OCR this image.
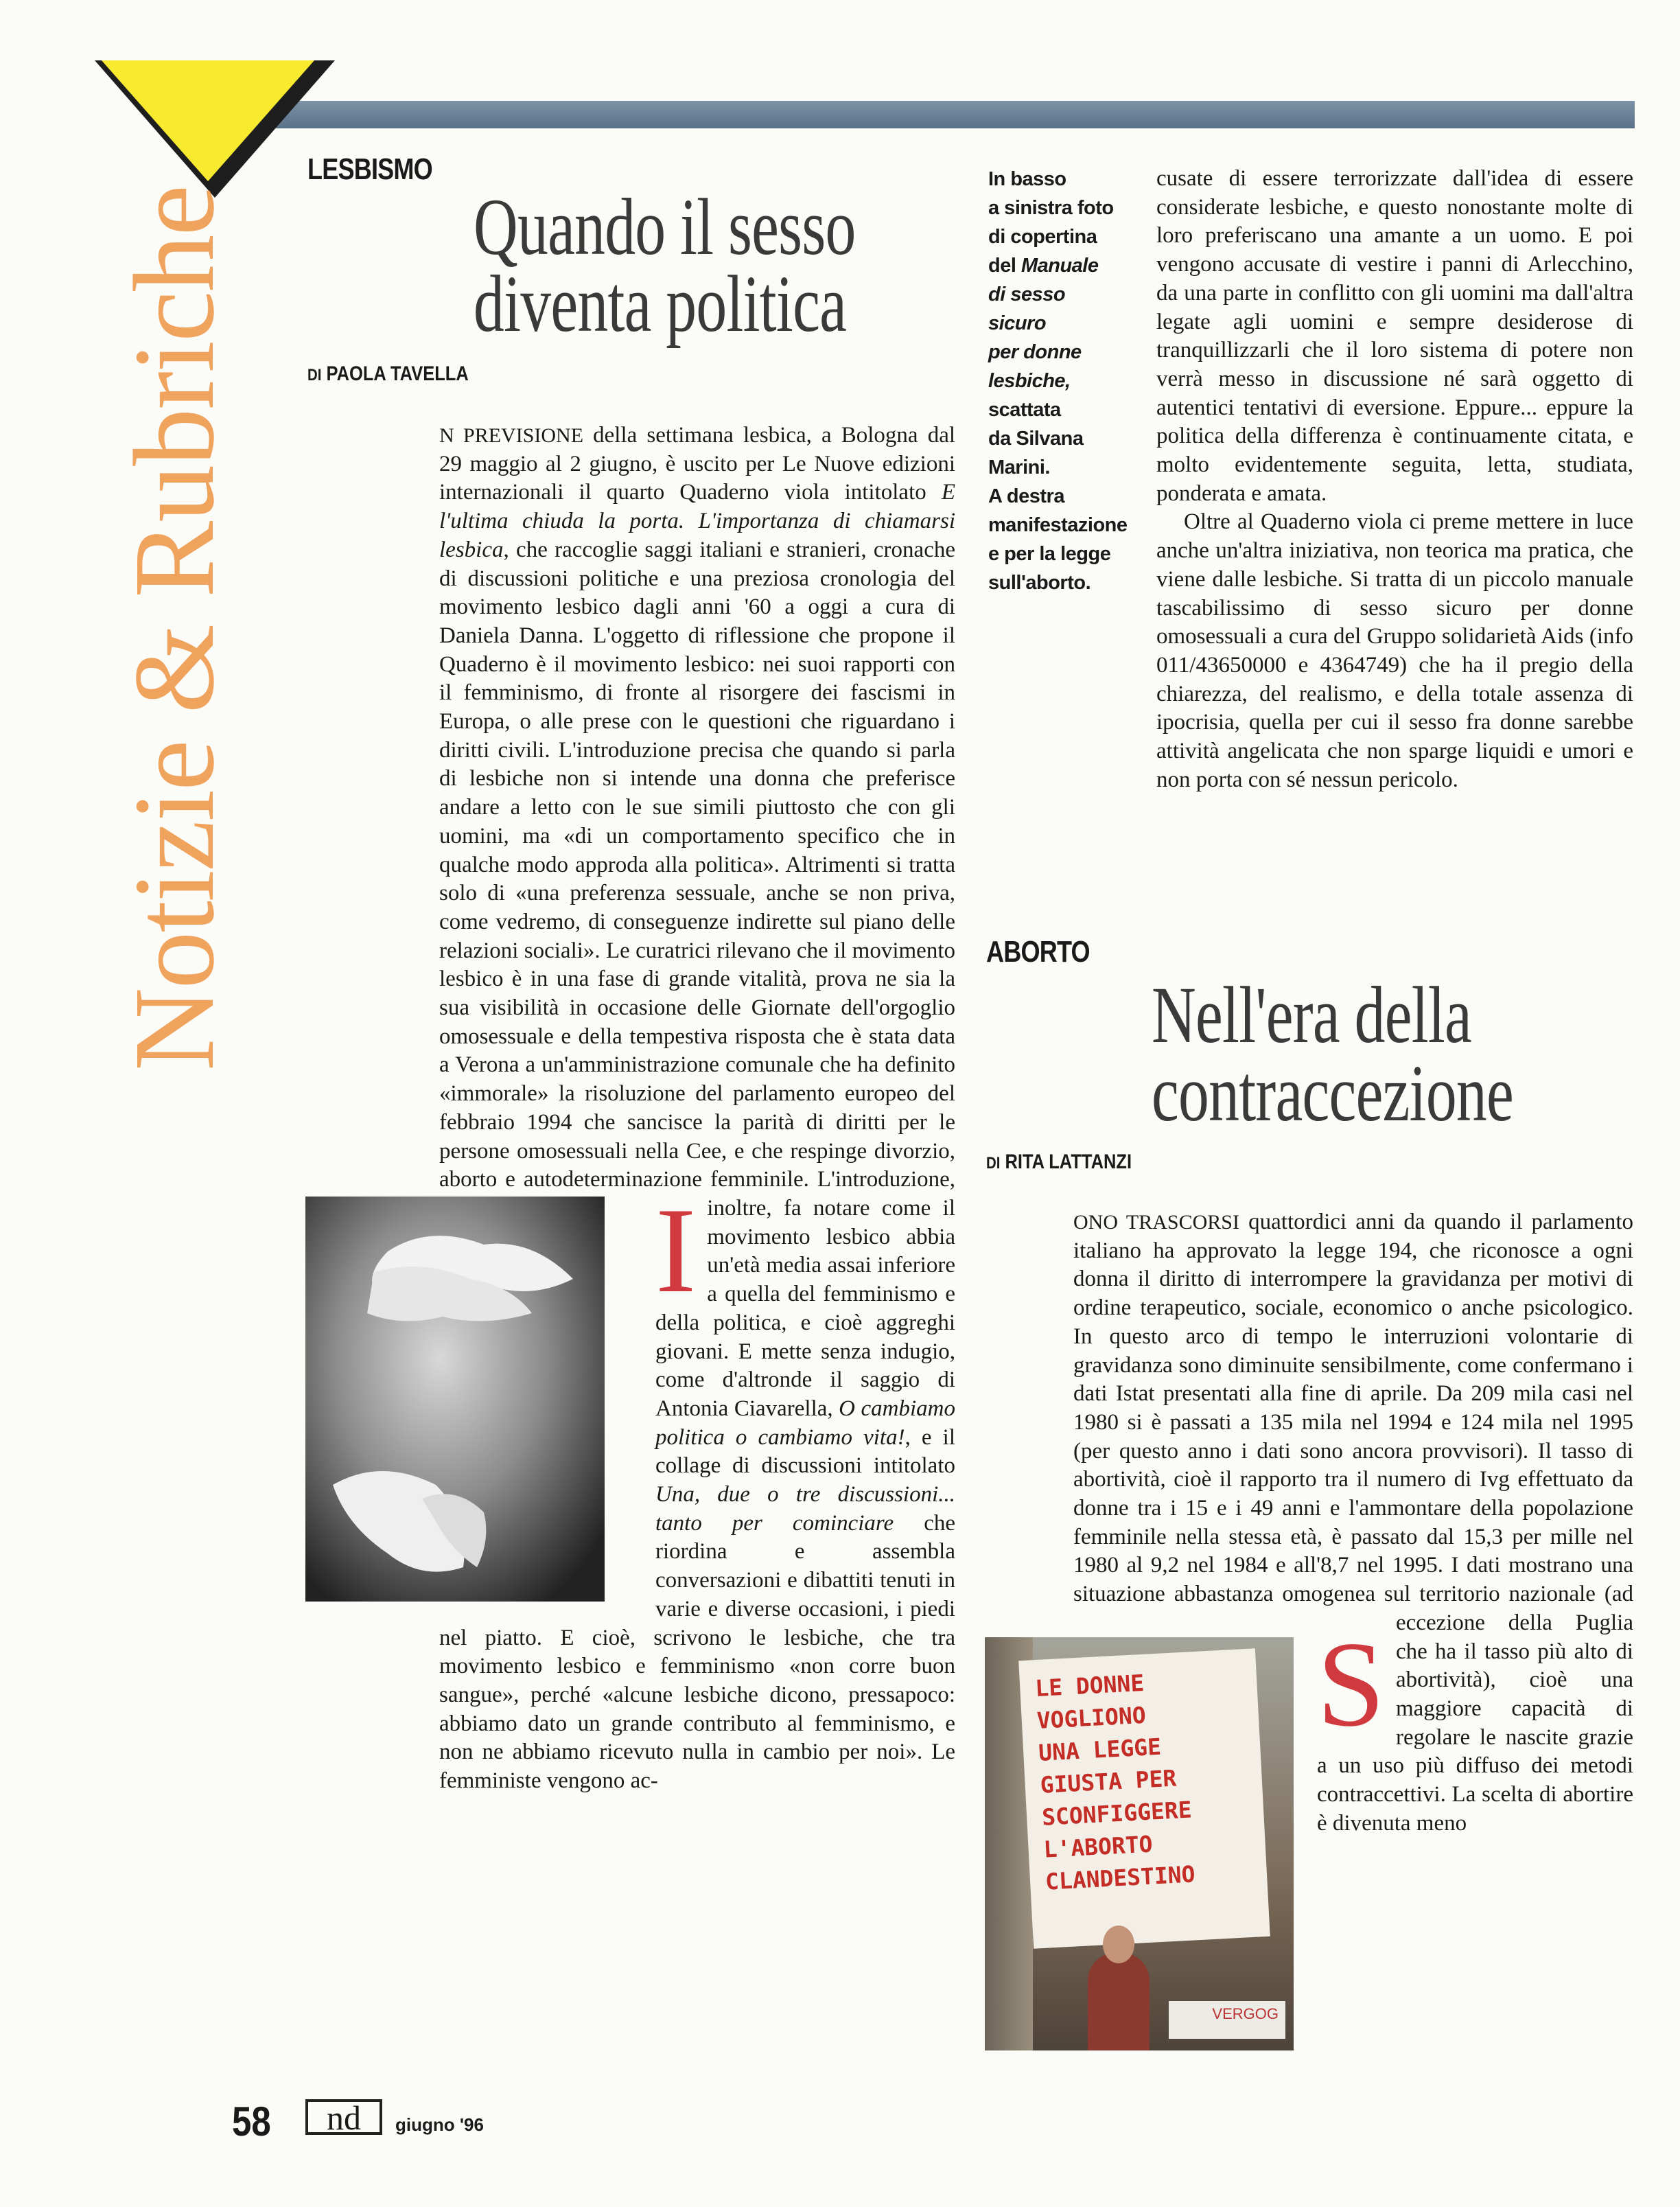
Notizie & Rubriche
LESBISMO
Quando il sesso
diventa politica
DI PAOLA TAVELLA
In basso
a sinistra foto
di copertina
del Manuale
di sesso
sicuro
per donne
lesbiche,
scattata
da Silvana
Marini.
A destra
manifestazione
e per la legge
sull'aborto.
I
N PREVISIONE della settimana lesbica, a Bologna dal 29 maggio al 2 giugno, è uscito per Le Nuove edizioni internazionali il quarto Quaderno viola intitolato E l'ultima chiuda la porta. L'importanza di chiamarsi lesbica, che raccoglie saggi italiani e stranieri, cronache di discussioni politiche e una preziosa cronologia del movimento lesbico dagli anni '60 a oggi a cura di Daniela Danna. L'oggetto di riflessione che propone il Quaderno è il movimento lesbico: nei suoi rapporti con il femminismo, di fronte al risorgere dei fascismi in Europa, o alle prese con le questioni che riguardano i diritti civili. L'introduzione precisa che quando si parla di lesbiche non si intende una donna che preferisce andare a letto con le sue simili piuttosto che con gli uomini, ma «di un comportamento specifico che in qualche modo approda alla politica». Altrimenti si tratta solo di «una preferenza sessuale, anche se non priva, come vedremo, di conseguenze indirette sul piano delle relazioni sociali». Le curatrici rilevano che il movimento lesbico è in una fase di grande vitalità, prova ne sia la sua visibilità in occasione delle Giornate dell'orgoglio omosessuale e della tempestiva risposta che è stata data a Verona a un'amministrazione comunale che ha definito «immorale» la risoluzione del parlamento europeo del febbraio 1994 che sancisce la parità di diritti per le persone omosessuali nella Cee, e che respinge divorzio, aborto e autodeterminazione femminile. L'introduzione, inoltre, fa notare come il movimento lesbico abbia un'età media assai inferiore a quella del femminismo e della politica, e cioè aggreghi giovani. E mette senza indugio, come d'altronde il saggio di Antonia Ciavarella, O cambiamo politica o cambiamo vita!, e il collage di discussioni intitolato Una, due o tre discussioni... tanto per cominciare che riordina e assembla conversazioni e dibattiti tenuti in varie e diverse occasioni, i piedi nel piatto. E cioè, scrivono le lesbiche, che tra movimento lesbico e femminismo «non corre buon sangue», perché «alcune lesbiche dicono, pressapoco: abbiamo dato un grande contributo al femminismo, e non ne abbiamo ricevuto nulla in cambio per noi». Le femministe vengono ac-

cusate di essere terrorizzate dall'idea di essere considerate lesbiche, e questo nonostante molte di loro preferiscano una amante a un uomo. E poi vengono accusate di vestire i panni di Arlecchino, da una parte in conflitto con gli uomini ma dall'altra legate agli uomini e sempre desiderose di tranquillizzarli che il loro sistema di potere non verrà messo in discussione né sarà oggetto di autentici tentativi di eversione. Eppure... eppure la politica della differenza è continuamente citata, e molto evidentemente seguita, letta, studiata, ponderata e amata.

Oltre al Quaderno viola ci preme mettere in luce anche un'altra iniziativa, non teorica ma pratica, che viene dalle lesbiche. Si tratta di un piccolo manuale tascabilissimo di sesso sicuro per donne omosessuali a cura del Gruppo solidarietà Aids (info 011/43650000 e 4364749) che ha il pregio della chiarezza, del realismo, e della totale assenza di ipocrisia, quella per cui il sesso fra donne sarebbe attività angelicata che non sparge liquidi e umori e non porta con sé nessun pericolo.

ABORTO
Nell'era della
contraccezione
DI RITA LATTANZI
S
ONO TRASCORSI quattordici anni da quando il parlamento italiano ha approvato la legge 194, che riconosce a ogni donna il diritto di interrompere la gravidanza per motivi di ordine terapeutico, sociale, economico o anche psicologico. In questo arco di tempo le interruzioni volontarie di gravidanza sono diminuite sensibilmente, come confermano i dati Istat presentati alla fine di aprile. Da 209 mila casi nel 1980 si è passati a 135 mila nel 1994 e 124 mila nel 1995 (per questo anno i dati sono ancora provvisori). Il tasso di abortività, cioè il rapporto tra il numero di Ivg effettuato da donne tra i 15 e i 49 anni e l'ammontare della popolazione femminile nella stessa età, è passato dal 15,3 per mille nel 1980 al 9,2 nel 1984 e all'8,7 nel 1995. I dati mostrano una situazione abbastanza omogenea sul territorio nazionale (ad eccezione della Puglia che ha il tasso più alto di abortività), cioè una maggiore capacità di regolare le nascite grazie a un uso più diffuso dei metodi contraccettivi. La scelta di abortire è divenuta meno
LE DONNE
VOGLIONO
UNA LEGGE
GIUSTA PER
SCONFIGGERE
L'ABORTO
CLANDESTINO
VERGOG
58	nd	giugno '96
